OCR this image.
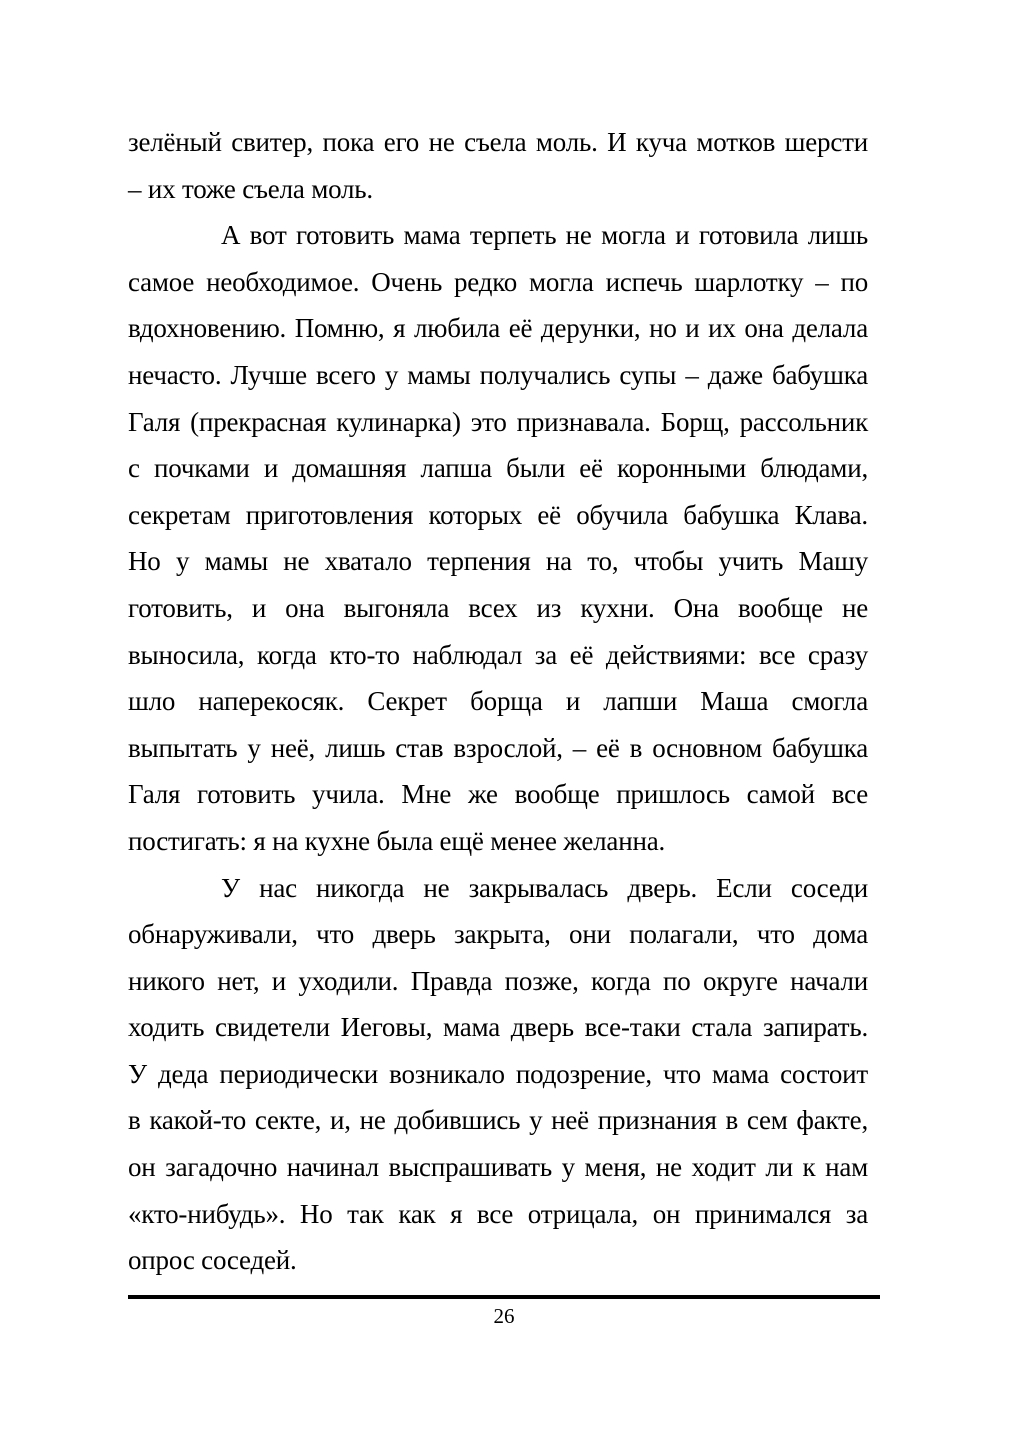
зелёный свитер, пока его не съела моль. И куча мотков шерсти
– их тоже съела моль.
А вот готовить мама терпеть не могла и готовила лишь
самое необходимое. Очень редко могла испечь шарлотку – по
вдохновению. Помню, я любила её дерунки, но и их она делала
нечасто. Лучше всего у мамы получались супы – даже бабушка
Галя (прекрасная кулинарка) это признавала. Борщ, рассольник
с почками и домашняя лапша были её коронными блюдами,
секретам приготовления которых её обучила бабушка Клава.
Но у мамы не хватало терпения на то, чтобы учить Машу
готовить, и она выгоняла всех из кухни. Она вообще не
выносила, когда кто-то наблюдал за её действиями: все сразу
шло наперекосяк. Секрет борща и лапши Маша смогла
выпытать у неё, лишь став взрослой, – её в основном бабушка
Галя готовить учила. Мне же вообще пришлось самой все
постигать: я на кухне была ещё менее желанна.
У нас никогда не закрывалась дверь. Если соседи
обнаруживали, что дверь закрыта, они полагали, что дома
никого нет, и уходили. Правда позже, когда по округе начали
ходить свидетели Иеговы, мама дверь все-таки стала запирать.
У деда периодически возникало подозрение, что мама состоит
в какой-то секте, и, не добившись у неё признания в сем факте,
он загадочно начинал выспрашивать у меня, не ходит ли к нам
«кто-нибудь». Но так как я все отрицала, он принимался за
опрос соседей.
26
